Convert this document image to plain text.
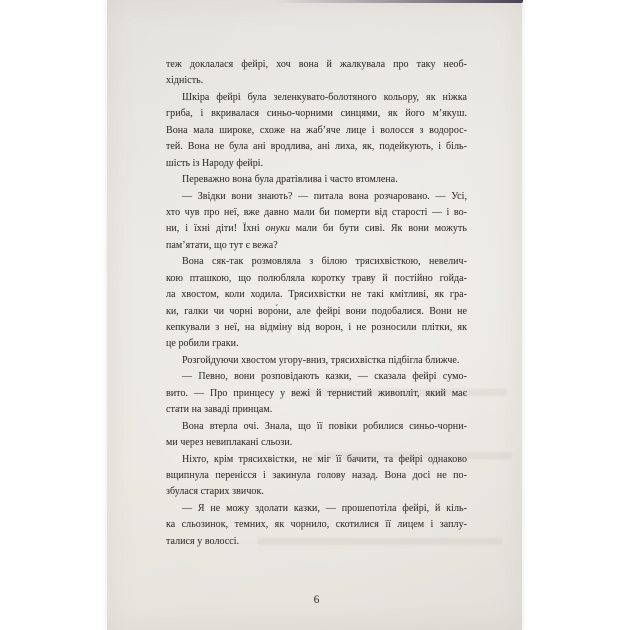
теж доклалася фейрі, хоч вона й жалкувала про таку необ-
хідність.
Шкіра фейрі була зеленкувато-болотяного кольору, як ніжка
гриба, і вкривалася синьо-чорними синцями, як його м’якуш.
Вона мала широке, схоже на жаб’яче лице і волосся з водорос-
тей. Вона не була ані вродлива, ані лиха, як, подейкують, і біль-
шість із Народу фейрі.
Переважно вона була дратівлива і часто втомлена.
— Звідки вони знають? — питала вона розчаровано. — Усі,
хто чув про неї, вже давно мали би померти від старості — і во-
ни, і їхні діти! Їхні онуки мали би бути сиві. Як вони можуть
пам’ятати, що тут є вежа?
Вона сяк-так розмовляла з білою трясихвісткою, невелич-
кою пташкою, що полюбляла коротку траву й постійно гойда-
ла хвостом, коли ходила. Трясихвістки не такі кмітливі, як гра-
ки, галки чи чорні воро́ни, але фейрі вони подобалися. Вони не
кепкували з неї, на відміну від ворон, і не розносили плітки, як
це робили граки.
Розгойдуючи хвостом угору-вниз, трясихвістка підбігла ближче.
— Певно, вони розповідають казки, — сказала фейрі сумо-
вито. — Про принцесу у вежі й тернистий живопліт, який має
стати на заваді принцам.
Вона втерла очі. Знала, що її повіки робилися синьо-чорни-
ми через невиплакані сльози.
Ніхто, крім трясихвістки, не міг її бачити, та фейрі однаково
вщипнула перенісся і закинула голову назад. Вона досі не по-
збулася старих звичок.
— Я не можу здолати казки, — прошепотіла фейрі, й кіль-
ка сльозинок, темних, як чорнило, скотилися її лицем і заплу-
талися у волоссі.
6
